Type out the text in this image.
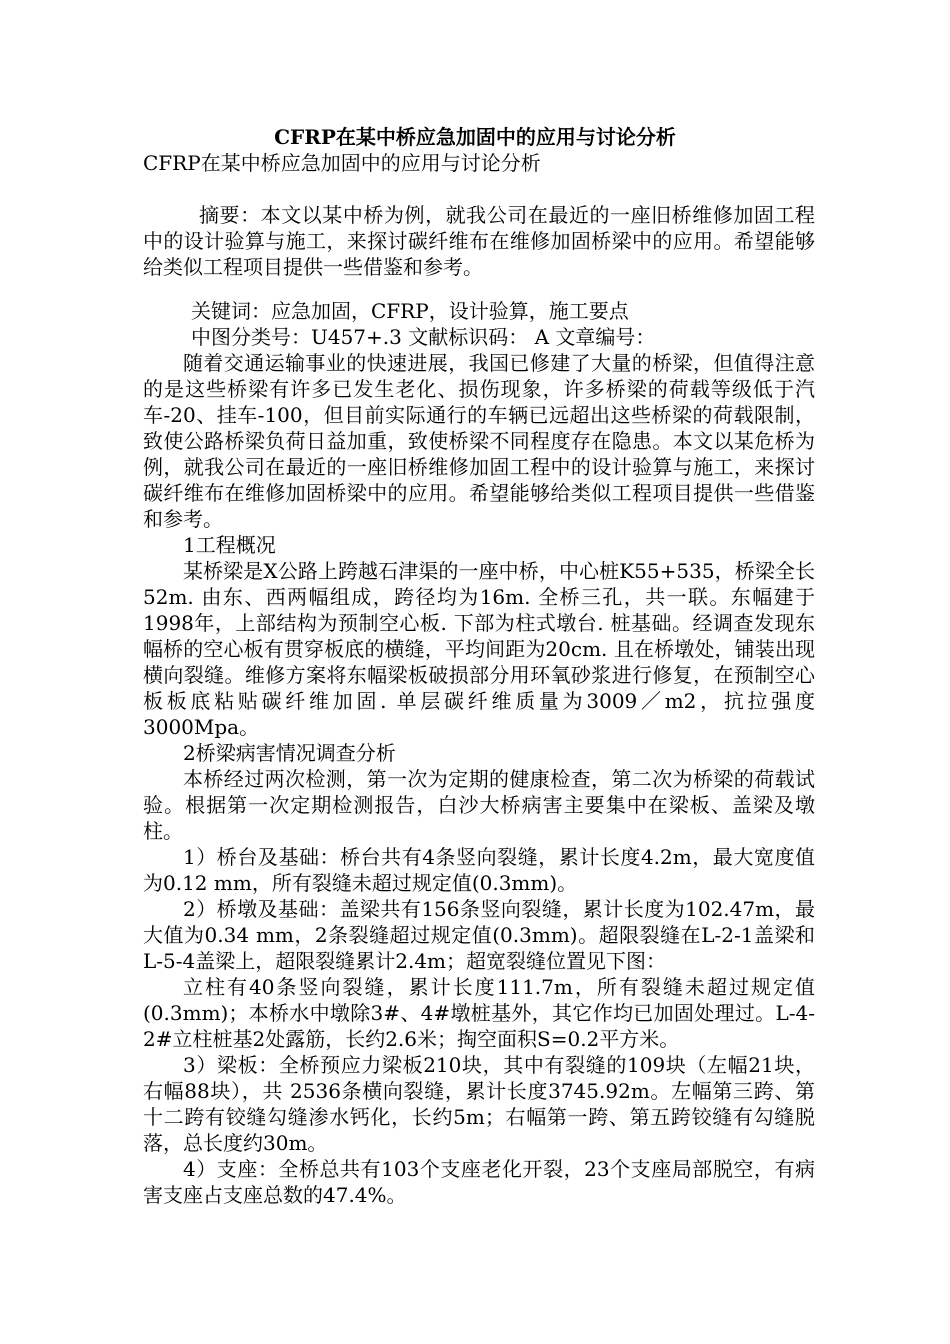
CFRP在某中桥应急加固中的应用与讨论分析
CFRP在某中桥应急加固中的应用与讨论分析

摘要：本文以某中桥为例，就我公司在最近的一座旧桥维修加固工程中的设计验算与施工，来探讨碳纤维布在维修加固桥梁中的应用。希望能够给类似工程项目提供一些借鉴和参考。

关键词：应急加固，CFRP，设计验算，施工要点

中图分类号：U457+.3 文献标识码： A 文章编号：

随着交通运输事业的快速进展，我国已修建了大量的桥梁，但值得注意的是这些桥梁有许多已发生老化、损伤现象，许多桥梁的荷载等级低于汽车-20、挂车-100，但目前实际通行的车辆已远超出这些桥梁的荷载限制，致使公路桥梁负荷日益加重，致使桥梁不同程度存在隐患。本文以某危桥为例，就我公司在最近的一座旧桥维修加固工程中的设计验算与施工，来探讨碳纤维布在维修加固桥梁中的应用。希望能够给类似工程项目提供一些借鉴和参考。

1工程概况

某桥梁是X公路上跨越石津渠的一座中桥，中心桩K55+535，桥梁全长52m. 由东、西两幅组成，跨径均为16m. 全桥三孔，共一联。东幅建于1998年，上部结构为预制空心板. 下部为柱式墩台. 桩基础。经调查发现东幅桥的空心板有贯穿板底的横缝，平均间距为20cm. 且在桥墩处，铺装出现横向裂缝。维修方案将东幅梁板破损部分用环氧砂浆进行修复，在预制空心板板底粘贴碳纤维加固. 单层碳纤维质量为3009／m2，抗拉强度3000Mpa。

2桥梁病害情况调查分析

本桥经过两次检测，第一次为定期的健康检查，第二次为桥梁的荷载试验。根据第一次定期检测报告，白沙大桥病害主要集中在梁板、盖梁及墩柱。

1）桥台及基础：桥台共有4条竖向裂缝，累计长度4.2m，最大宽度值为0.12 mm，所有裂缝未超过规定值(0.3mm)。

2）桥墩及基础：盖梁共有156条竖向裂缝，累计长度为102.47m，最大值为0.34 mm，2条裂缝超过规定值(0.3mm)。超限裂缝在L-2-1盖梁和L-5-4盖梁上，超限裂缝累计2.4m；超宽裂缝位置见下图：

立柱有40条竖向裂缝，累计长度111.7m，所有裂缝未超过规定值(0.3mm)；本桥水中墩除3#、4#墩桩基外，其它作均已加固处理过。L-4-2#立柱桩基2处露筋，长约2.6米；掏空面积S=0.2平方米。

3）梁板：全桥预应力梁板210块，其中有裂缝的109块（左幅21块，右幅88块），共 2536条横向裂缝，累计长度3745.92m。左幅第三跨、第十二跨有铰缝勾缝渗水钙化，长约5m；右幅第一跨、第五跨铰缝有勾缝脱落，总长度约30m。

4）支座：全桥总共有103个支座老化开裂，23个支座局部脱空，有病害支座占支座总数的47.4%。
